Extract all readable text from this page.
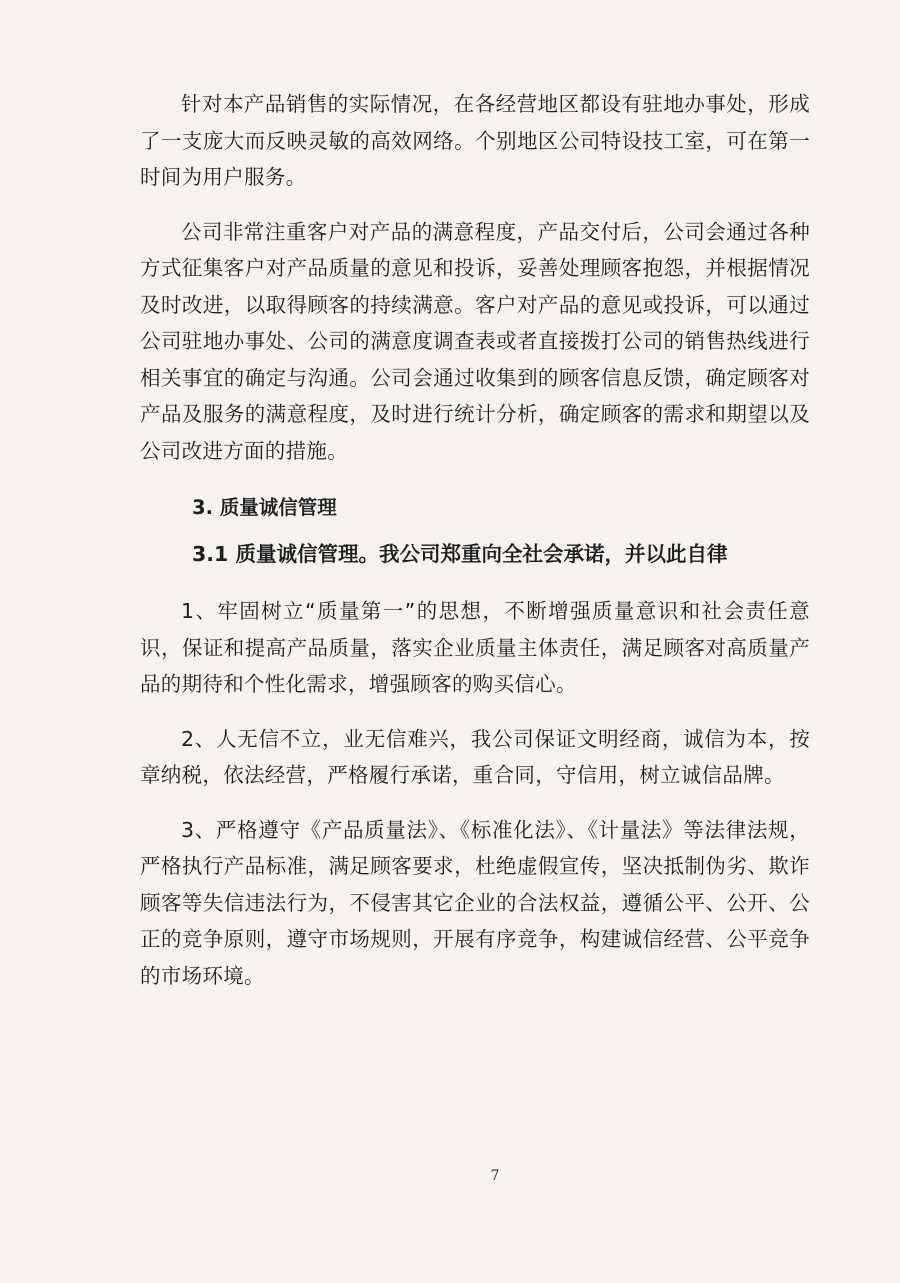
针对本产品销售的实际情况，在各经营地区都设有驻地办事处，形成了一支庞大而反映灵敏的高效网络。个别地区公司特设技工室，可在第一时间为用户服务。

公司非常注重客户对产品的满意程度，产品交付后，公司会通过各种方式征集客户对产品质量的意见和投诉，妥善处理顾客抱怨，并根据情况及时改进，以取得顾客的持续满意。客户对产品的意见或投诉，可以通过公司驻地办事处、公司的满意度调查表或者直接拨打公司的销售热线进行相关事宜的确定与沟通。公司会通过收集到的顾客信息反馈，确定顾客对产品及服务的满意程度，及时进行统计分析，确定顾客的需求和期望以及公司改进方面的措施。

3. 质量诚信管理

3.1 质量诚信管理。我公司郑重向全社会承诺，并以此自律

1、牢固树立“质量第一”的思想，不断增强质量意识和社会责任意识，保证和提高产品质量，落实企业质量主体责任，满足顾客对高质量产品的期待和个性化需求，增强顾客的购买信心。

2、人无信不立，业无信难兴，我公司保证文明经商，诚信为本，按章纳税，依法经营，严格履行承诺，重合同，守信用，树立诚信品牌。

3、严格遵守《产品质量法》、《标准化法》、《计量法》等法律法规，严格执行产品标准，满足顾客要求，杜绝虚假宣传，坚决抵制伪劣、欺诈顾客等失信违法行为，不侵害其它企业的合法权益，遵循公平、公开、公正的竞争原则，遵守市场规则，开展有序竞争，构建诚信经营、公平竞争的市场环境。

7
